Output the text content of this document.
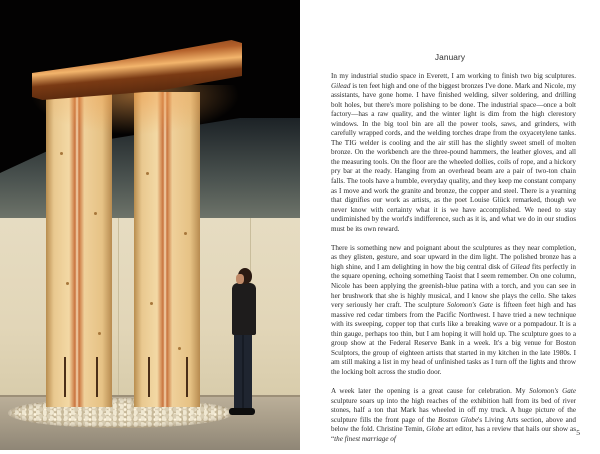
January

In my industrial studio space in Everett, I am working to finish two big sculptures. Gilead is ten feet high and one of the biggest bronzes I've done. Mark and Nicole, my assistants, have gone home. I have finished welding, silver soldering, and drilling bolt holes, but there's more polishing to be done. The industrial space—once a bolt factory—has a raw quality, and the winter light is dim from the high clerestory windows. In the big tool bin are all the power tools, saws, and grinders, with carefully wrapped cords, and the welding torches drape from the oxyacetylene tanks. The TIG welder is cooling and the air still has the slightly sweet smell of molten bronze. On the workbench are the three-pound hammers, the leather gloves, and all the measuring tools. On the floor are the wheeled dollies, coils of rope, and a hickory pry bar at the ready. Hanging from an overhead beam are a pair of two-ton chain falls. The tools have a humble, everyday quality, and they keep me constant company as I move and work the granite and bronze, the copper and steel. There is a yearning that dignifies our work as artists, as the poet Louise Glück remarked, though we never know with certainty what it is we have accomplished. We need to stay undiminished by the world's indifference, such as it is, and what we do in our studios must be its own reward.

There is something new and poignant about the sculptures as they near completion, as they glisten, gesture, and soar upward in the dim light. The polished bronze has a high shine, and I am delighting in how the big central disk of Gilead fits perfectly in the square opening, echoing something Taoist that I seem remember. On one column, Nicole has been applying the greenish-blue patina with a torch, and you can see in her brushwork that she is highly musical, and I know she plays the cello. She takes very seriously her craft. The sculpture Solomon's Gate is fifteen feet high and has massive red cedar timbers from the Pacific Northwest. I have tried a new technique with its sweeping, copper top that curls like a breaking wave or a pompadour. It is a thin gauge, perhaps too thin, but I am hoping it will hold up. The sculpture goes to a group show at the Federal Reserve Bank in a week. It's a big venue for Boston Sculptors, the group of eighteen artists that started in my kitchen in the late 1980s. I am still making a list in my head of unfinished tasks as I turn off the lights and throw the locking bolt across the studio door.

A week later the opening is a great cause for celebration. My Solomon's Gate sculpture soars up into the high reaches of the exhibition hall from its bed of river stones, half a ton that Mark has wheeled in off my truck. A huge picture of the sculpture fills the front page of the Boston Globe's Living Arts section, above and below the fold. Christine Temin, Globe art editor, has a review that hails our show as “the finest marriage of

5
